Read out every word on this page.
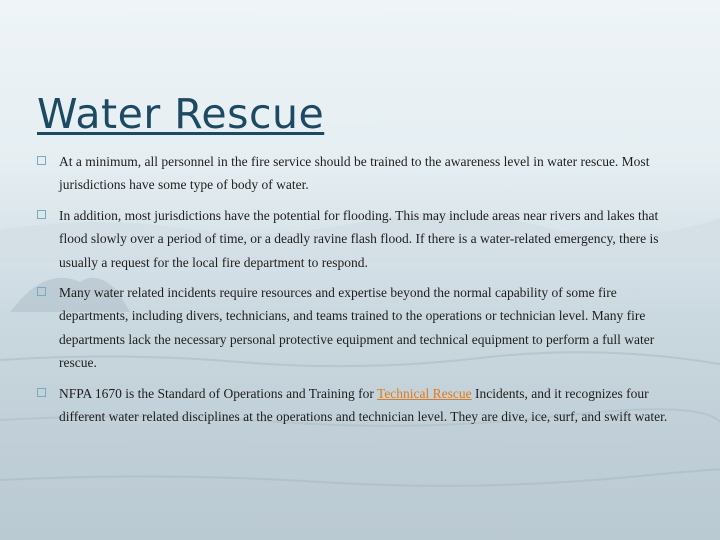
Water Rescue
At a minimum, all personnel in the fire service should be trained to the awareness level in water rescue. Most jurisdictions have some type of body of water.
In addition, most jurisdictions have the potential for flooding. This may include areas near rivers and lakes that flood slowly over a period of time, or a deadly ravine flash flood. If there is a water-related emergency, there is usually a request for the local fire department to respond.
Many water related incidents require resources and expertise beyond the normal capability of some fire departments, including divers, technicians, and teams trained to the operations or technician level. Many fire departments lack the necessary personal protective equipment and technical equipment to perform a full water rescue.
NFPA 1670 is the Standard of Operations and Training for Technical Rescue Incidents, and it recognizes four different water related disciplines at the operations and technician level. They are dive, ice, surf, and swift water.
